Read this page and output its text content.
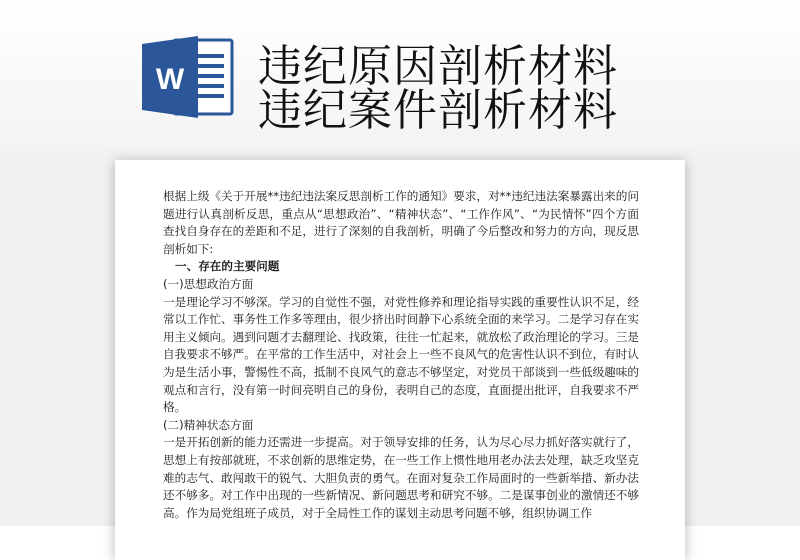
W 违纪原因剖析材料
违纪案件剖析材料

根据上级《关于开展**违纪违法案反思剖析工作的通知》要求，对**违纪违法案暴露出来的问题进行认真剖析反思，重点从“思想政治”、“精神状态”、“工作作风”、“为民情怀”四个方面查找自身存在的差距和不足，进行了深刻的自我剖析，明确了今后整改和努力的方向，现反思剖析如下:

一、存在的主要问题

(一)思想政治方面

一是理论学习不够深。学习的自觉性不强，对党性修养和理论指导实践的重要性认识不足，经常以工作忙、事务性工作多等理由，很少挤出时间静下心系统全面的来学习。二是学习存在实用主义倾向。遇到问题才去翻理论、找政策，往往一忙起来，就放松了政治理论的学习。三是自我要求不够严。在平常的工作生活中，对社会上一些不良风气的危害性认识不到位，有时认为是生活小事，警惕性不高，抵制不良风气的意志不够坚定，对党员干部谈到一些低级趣味的观点和言行，没有第一时间亮明自己的身份，表明自己的态度，直面提出批评，自我要求不严格。

(二)精神状态方面

一是开拓创新的能力还需进一步提高。对于领导安排的任务，认为尽心尽力抓好落实就行了，思想上有按部就班，不求创新的思维定势，在一些工作上惯性地用老办法去处理，缺乏攻坚克难的志气、敢闯敢干的锐气、大胆负责的勇气。在面对复杂工作局面时的一些新举措、新办法还不够多。对工作中出现的一些新情况、新问题思考和研究不够。二是谋事创业的激情还不够高。作为局党组班子成员，对于全局性工作的谋划主动思考问题不够，组织协调工作
